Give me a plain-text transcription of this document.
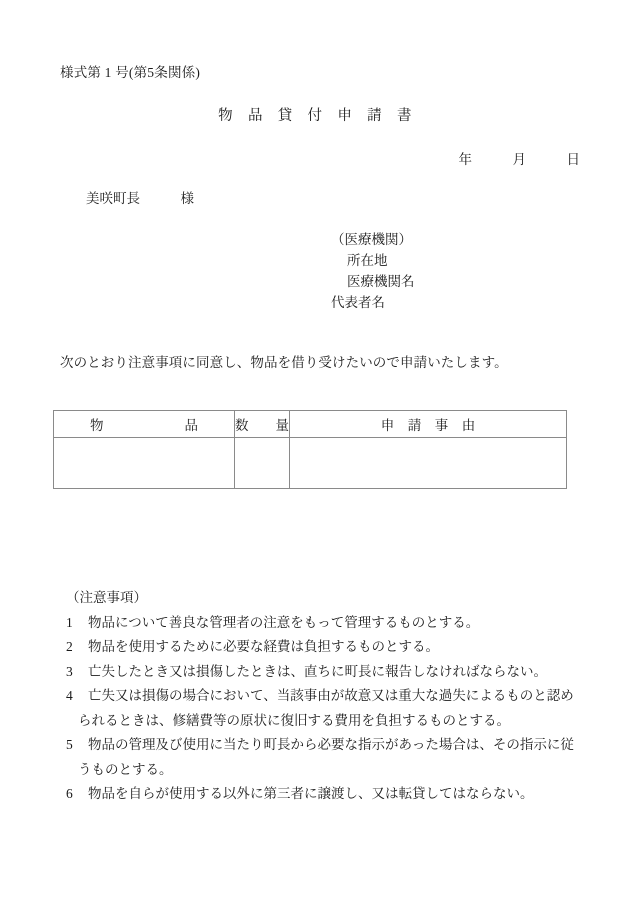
様式第 1 号(第5条関係)
物　品　貸　付　申　請　書
年　　　月　　　日
美咲町長　　　様
（医療機関）
所在地
医療機関名
代表者名
次のとおり注意事項に同意し、物品を借り受けたいので申請いたします。
物　　　　　　品	数　　量	申　請　事　由

（注意事項）
1	物品について善良な管理者の注意をもって管理するものとする。
2	物品を使用するために必要な経費は負担するものとする。
3	亡失したとき又は損傷したときは、直ちに町長に報告しなければならない。
4	亡失又は損傷の場合において、当該事由が故意又は重大な過失によるものと認め
られるときは、修繕費等の原状に復旧する費用を負担するものとする。
5	物品の管理及び使用に当たり町長から必要な指示があった場合は、その指示に従
うものとする。
6	物品を自らが使用する以外に第三者に譲渡し、又は転貸してはならない。
